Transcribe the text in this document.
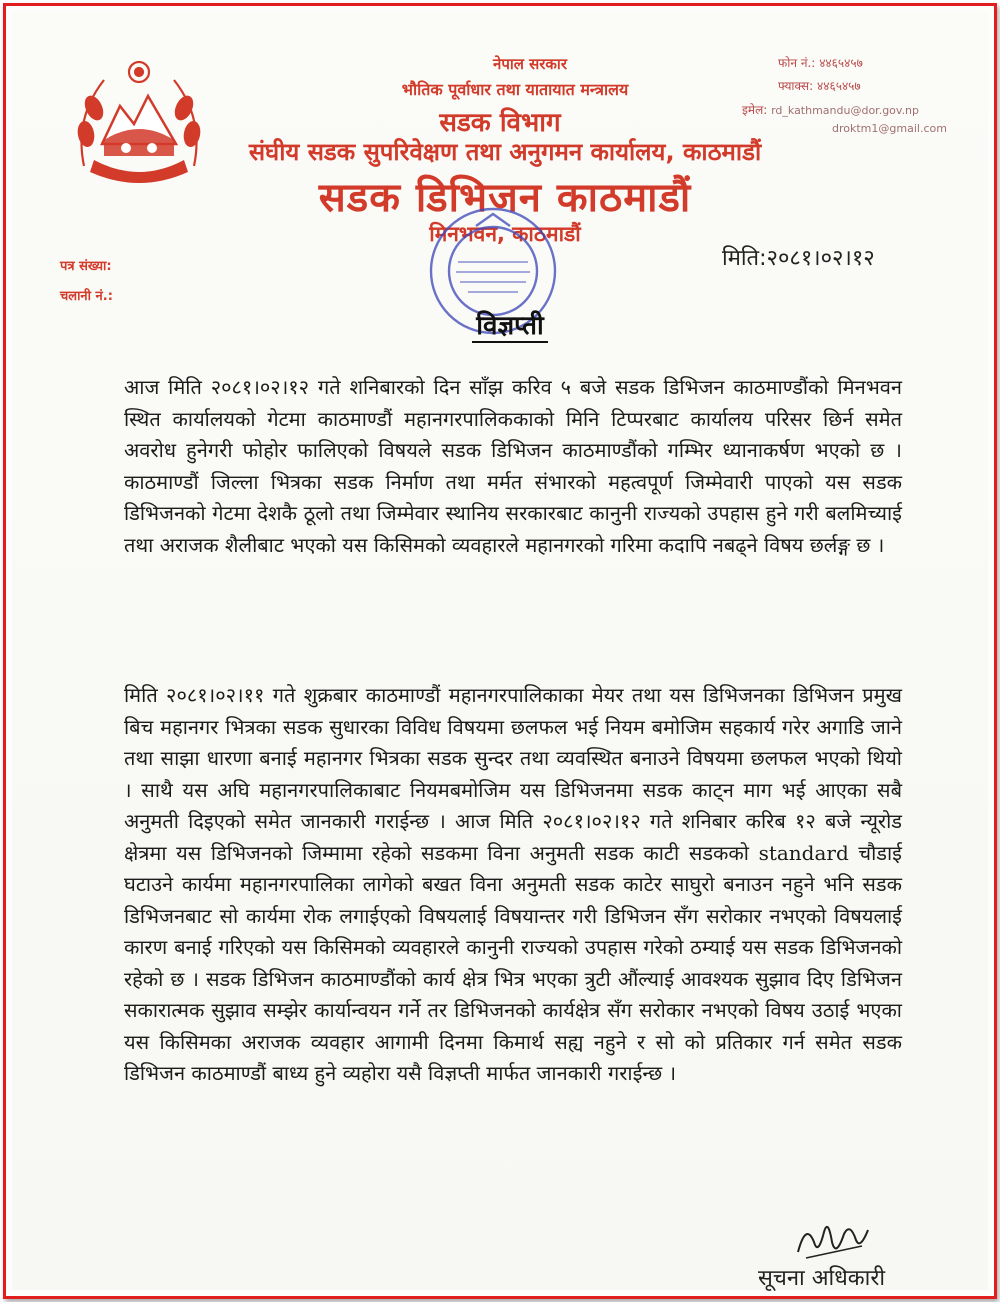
नेपाल सरकार
भौतिक पूर्वाधार तथा यातायात मन्त्रालय
सडक विभाग
संघीय सडक सुपरिवेक्षण तथा अनुगमन कार्यालय, काठमाडौं
सडक डिभिजन काठमाडौं
मिनभवन, काठमाडौं
फोन नं.: ४४६५४५७
फ्याक्स: ४४६५४५७
इमेल: rd_kathmandu@dor.gov.np
droktm1@gmail.com
पत्र संख्या:
चलानी नं.:
मिति:२०८१।०२।१२
विज्ञप्ती
आज मिति २०८१।०२।१२ गते शनिबारको दिन साँझ करिव ५ बजे सडक डिभिजन काठमाण्डौंको मिनभवन स्थित कार्यालयको गेटमा काठमाण्डौं महानगरपालिककाको मिनि टिप्परबाट कार्यालय परिसर छिर्न समेत अवरोध हुनेगरी फोहोर फालिएको विषयले सडक डिभिजन काठमाण्डौंको गम्भिर ध्यानाकर्षण भएको छ । काठमाण्डौं जिल्ला भित्रका सडक निर्माण तथा मर्मत संभारको महत्वपूर्ण जिम्मेवारी पाएको यस सडक डिभिजनको गेटमा देशकै ठूलो तथा जिम्मेवार स्थानिय सरकारबाट कानुनी राज्यको उपहास हुने गरी बलमिच्याई तथा अराजक शैलीबाट भएको यस किसिमको व्यवहारले महानगरको गरिमा कदापि नबढ्ने विषय छर्लङ्ग छ ।
मिति २०८१।०२।११ गते शुक्रबार काठमाण्डौं महानगरपालिकाका मेयर तथा यस डिभिजनका डिभिजन प्रमुख बिच महानगर भित्रका सडक सुधारका विविध विषयमा छलफल भई नियम बमोजिम सहकार्य गरेर अगाडि जाने तथा साझा धारणा बनाई महानगर भित्रका सडक सुन्दर तथा व्यवस्थित बनाउने विषयमा छलफल भएको थियो । साथै यस अघि महानगरपालिकाबाट नियमबमोजिम यस डिभिजनमा सडक काट्न माग भई आएका सबै अनुमती दिइएको समेत जानकारी गराईन्छ । आज मिति २०८१।०२।१२ गते शनिबार करिब १२ बजे न्यूरोड क्षेत्रमा यस डिभिजनको जिम्मामा रहेको सडकमा विना अनुमती सडक काटी सडकको standard चौडाई घटाउने कार्यमा महानगरपालिका लागेको बखत विना अनुमती सडक काटेर साघुरो बनाउन नहुने भनि सडक डिभिजनबाट सो कार्यमा रोक लगाईएको विषयलाई विषयान्तर गरी डिभिजन सँग सरोकार नभएको विषयलाई कारण बनाई गरिएको यस किसिमको व्यवहारले कानुनी राज्यको उपहास गरेको ठम्याई यस सडक डिभिजनको रहेको छ । सडक डिभिजन काठमाण्डौंको कार्य क्षेत्र भित्र भएका त्रुटी औंल्याई आवश्यक सुझाव दिए डिभिजन सकारात्मक सुझाव सम्झेर कार्यान्वयन गर्ने तर डिभिजनको कार्यक्षेत्र सँग सरोकार नभएको विषय उठाई भएका यस किसिमका अराजक व्यवहार आगामी दिनमा किमार्थ सह्य नहुने र सो को प्रतिकार गर्न समेत सडक डिभिजन काठमाण्डौं बाध्य हुने व्यहोरा यसै विज्ञप्ती मार्फत जानकारी गराईन्छ ।
सूचना अधिकारी
